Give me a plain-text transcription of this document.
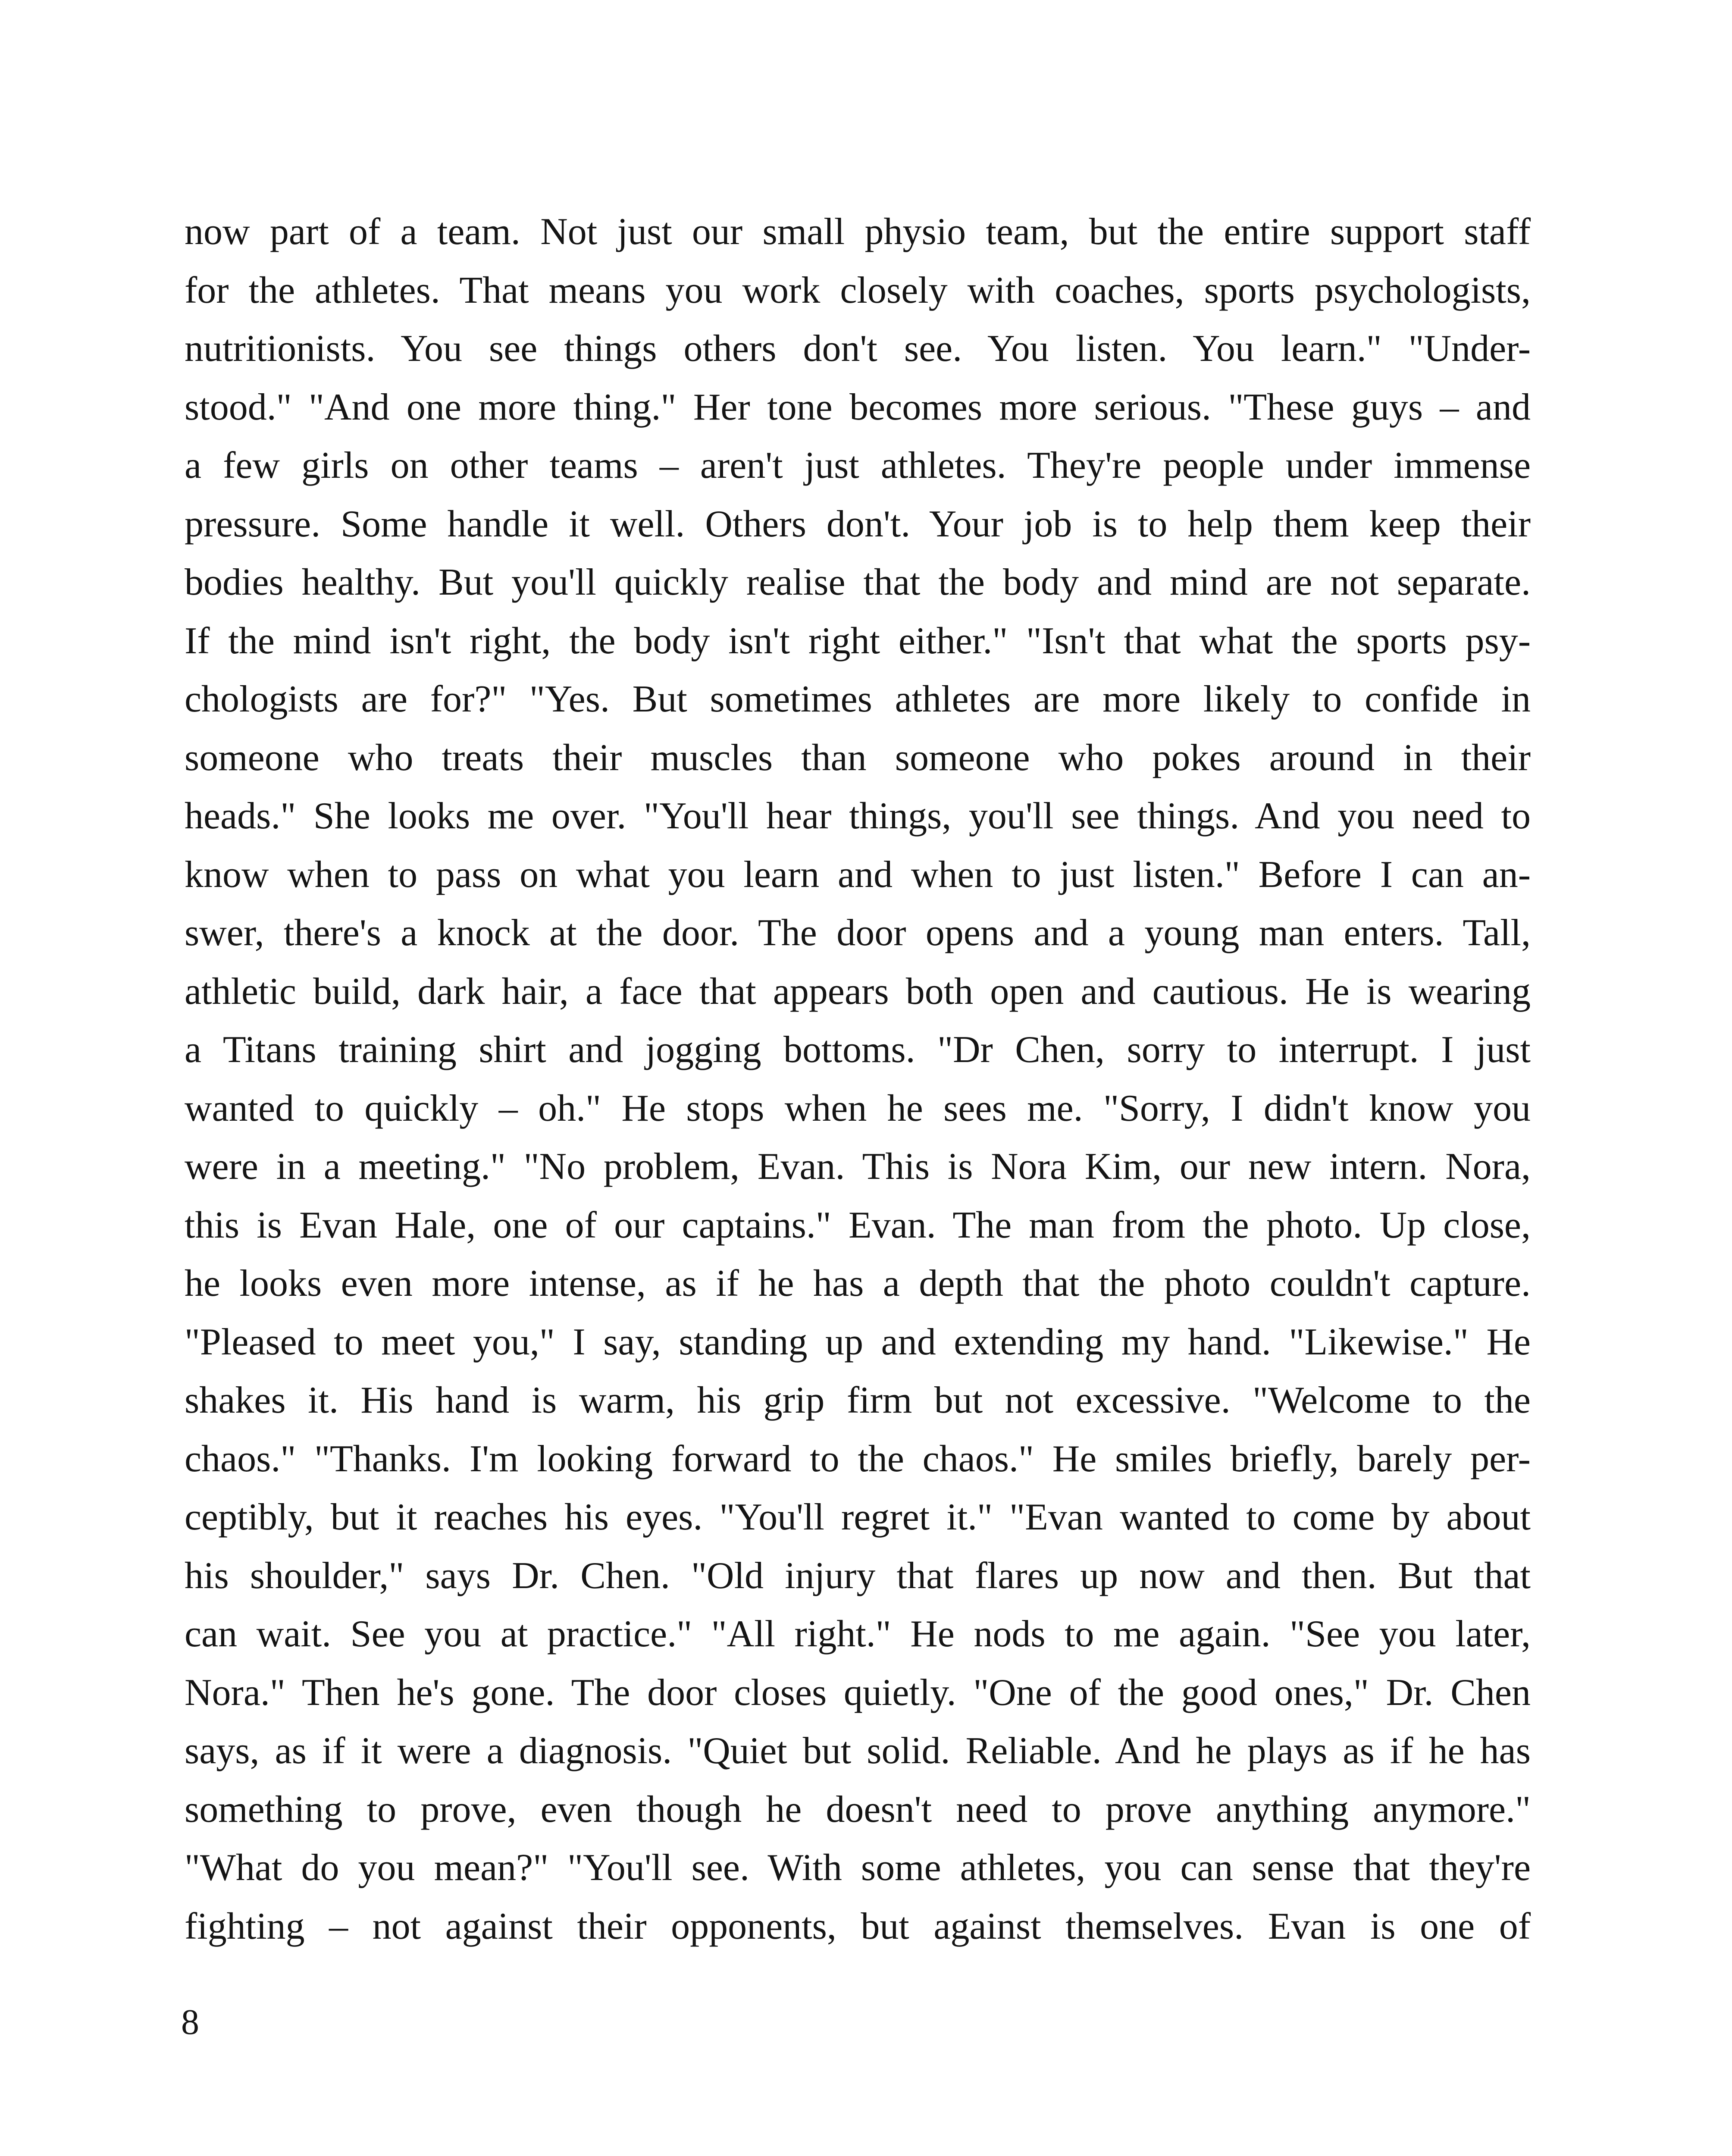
now part of a team. Not just our small physio team, but the entire support staff
for the athletes. That means you work closely with coaches, sports psychologists,
nutritionists. You see things others don't see. You listen. You learn." "Under-
stood." "And one more thing." Her tone becomes more serious. "These guys – and
a few girls on other teams – aren't just athletes. They're people under immense
pressure. Some handle it well. Others don't. Your job is to help them keep their
bodies healthy. But you'll quickly realise that the body and mind are not separate.
If the mind isn't right, the body isn't right either." "Isn't that what the sports psy-
chologists are for?" "Yes. But sometimes athletes are more likely to confide in
someone who treats their muscles than someone who pokes around in their
heads." She looks me over. "You'll hear things, you'll see things. And you need to
know when to pass on what you learn and when to just listen." Before I can an-
swer, there's a knock at the door. The door opens and a young man enters. Tall,
athletic build, dark hair, a face that appears both open and cautious. He is wearing
a Titans training shirt and jogging bottoms. "Dr Chen, sorry to interrupt. I just
wanted to quickly – oh." He stops when he sees me. "Sorry, I didn't know you
were in a meeting." "No problem, Evan. This is Nora Kim, our new intern. Nora,
this is Evan Hale, one of our captains." Evan. The man from the photo. Up close,
he looks even more intense, as if he has a depth that the photo couldn't capture.
"Pleased to meet you," I say, standing up and extending my hand. "Likewise." He
shakes it. His hand is warm, his grip firm but not excessive. "Welcome to the
chaos." "Thanks. I'm looking forward to the chaos." He smiles briefly, barely per-
ceptibly, but it reaches his eyes. "You'll regret it." "Evan wanted to come by about
his shoulder," says Dr. Chen. "Old injury that flares up now and then. But that
can wait. See you at practice." "All right." He nods to me again. "See you later,
Nora." Then he's gone. The door closes quietly. "One of the good ones," Dr. Chen
says, as if it were a diagnosis. "Quiet but solid. Reliable. And he plays as if he has
something to prove, even though he doesn't need to prove anything anymore."
"What do you mean?" "You'll see. With some athletes, you can sense that they're
fighting – not against their opponents, but against themselves. Evan is one of
8
